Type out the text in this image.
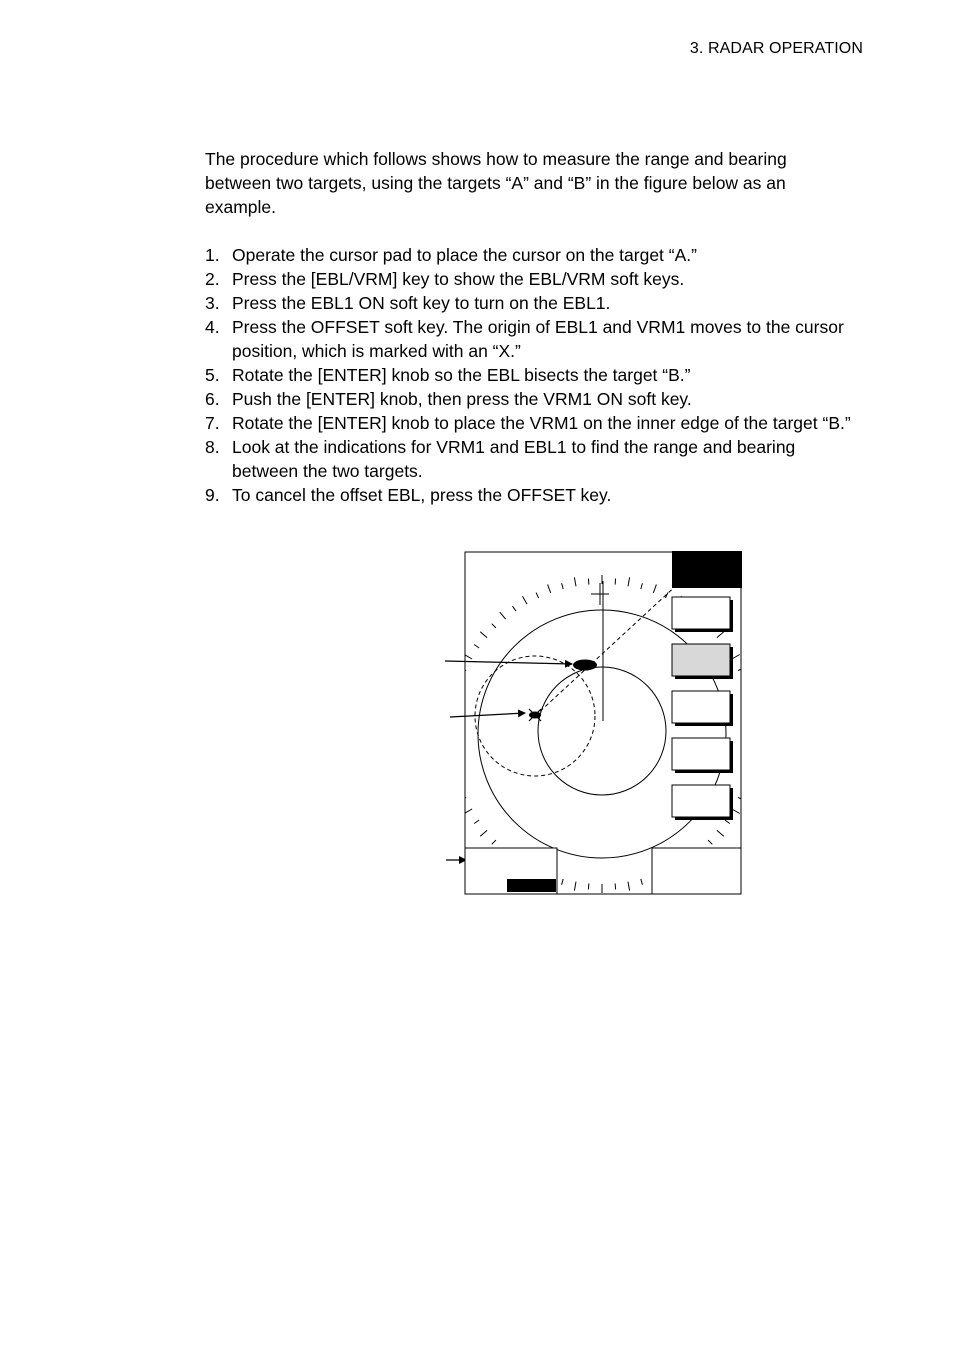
3. RADAR OPERATION

The procedure which follows shows how to measure the range and bearing between two targets, using the targets “A” and “B” in the figure below as an example.

1. Operate the cursor pad to place the cursor on the target “A.”
2. Press the [EBL/VRM] key to show the EBL/VRM soft keys.
3. Press the EBL1 ON soft key to turn on the EBL1.
4. Press the OFFSET soft key. The origin of EBL1 and VRM1 moves to the cursor position, which is marked with an “X.”
5. Rotate the [ENTER] knob so the EBL bisects the target “B.”
6. Push the [ENTER] knob, then press the VRM1 ON soft key.
7. Rotate the [ENTER] knob to place the VRM1 on the inner edge of the target “B.”
8. Look at the indications for VRM1 and EBL1 to find the range and bearing between the two targets.
9. To cancel the offset EBL, press the OFFSET key.
